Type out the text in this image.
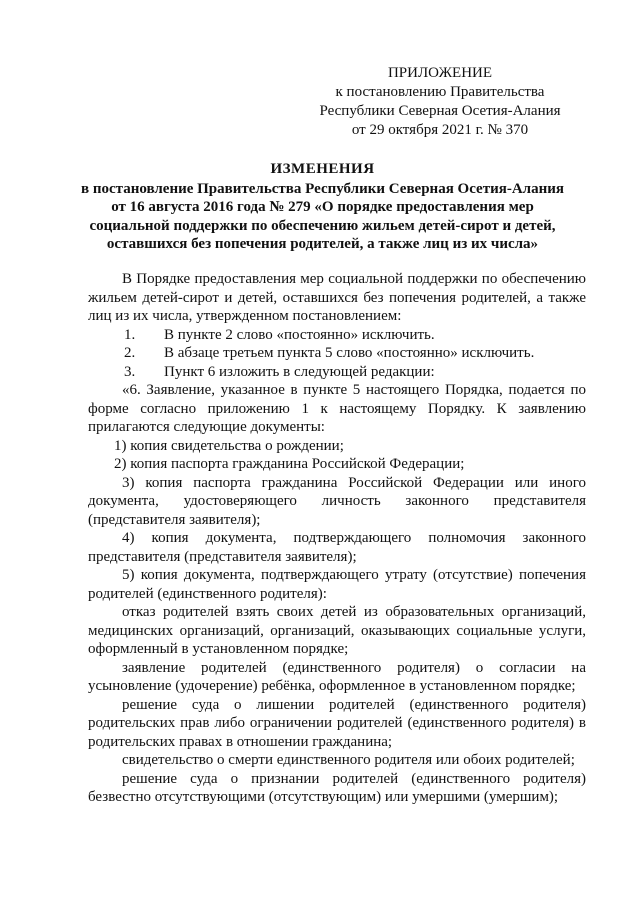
ПРИЛОЖЕНИЕ
к постановлению Правительства
Республики Северная Осетия-Алания
от 29 октября 2021 г. № 370
ИЗМЕНЕНИЯ
в постановление Правительства Республики Северная Осетия-Алания
от 16 августа 2016 года № 279 «О порядке предоставления мер
социальной поддержки по обеспечению жильем детей-сирот и детей,
оставшихся без попечения родителей, а также лиц из их числа»
В Порядке предоставления мер социальной поддержки по обеспечению жильем детей-сирот и детей, оставшихся без попечения родителей, а также лиц из их числа, утвержденном постановлением:
1.	В пункте 2 слово «постоянно» исключить.
2.	В абзаце третьем пункта 5 слово «постоянно» исключить.
3.	Пункт 6 изложить в следующей редакции:
«6. Заявление, указанное в пункте 5 настоящего Порядка, подается по форме согласно приложению 1 к настоящему Порядку. К заявлению прилагаются следующие документы:
1) копия свидетельства о рождении;
2) копия паспорта гражданина Российской Федерации;
3) копия паспорта гражданина Российской Федерации или иного документа, удостоверяющего личность законного представителя (представителя заявителя);
4) копия документа, подтверждающего полномочия законного представителя (представителя заявителя);
5) копия документа, подтверждающего утрату (отсутствие) попечения родителей (единственного родителя):
отказ родителей взять своих детей из образовательных организаций, медицинских организаций, организаций, оказывающих социальные услуги, оформленный в установленном порядке;
заявление родителей (единственного родителя) о согласии на усыновление (удочерение) ребёнка, оформленное в установленном порядке;
решение суда о лишении родителей (единственного родителя) родительских прав либо ограничении родителей (единственного родителя) в родительских правах в отношении гражданина;
свидетельство о смерти единственного родителя или обоих родителей;
решение суда о признании родителей (единственного родителя) безвестно отсутствующими (отсутствующим) или умершими (умершим);
